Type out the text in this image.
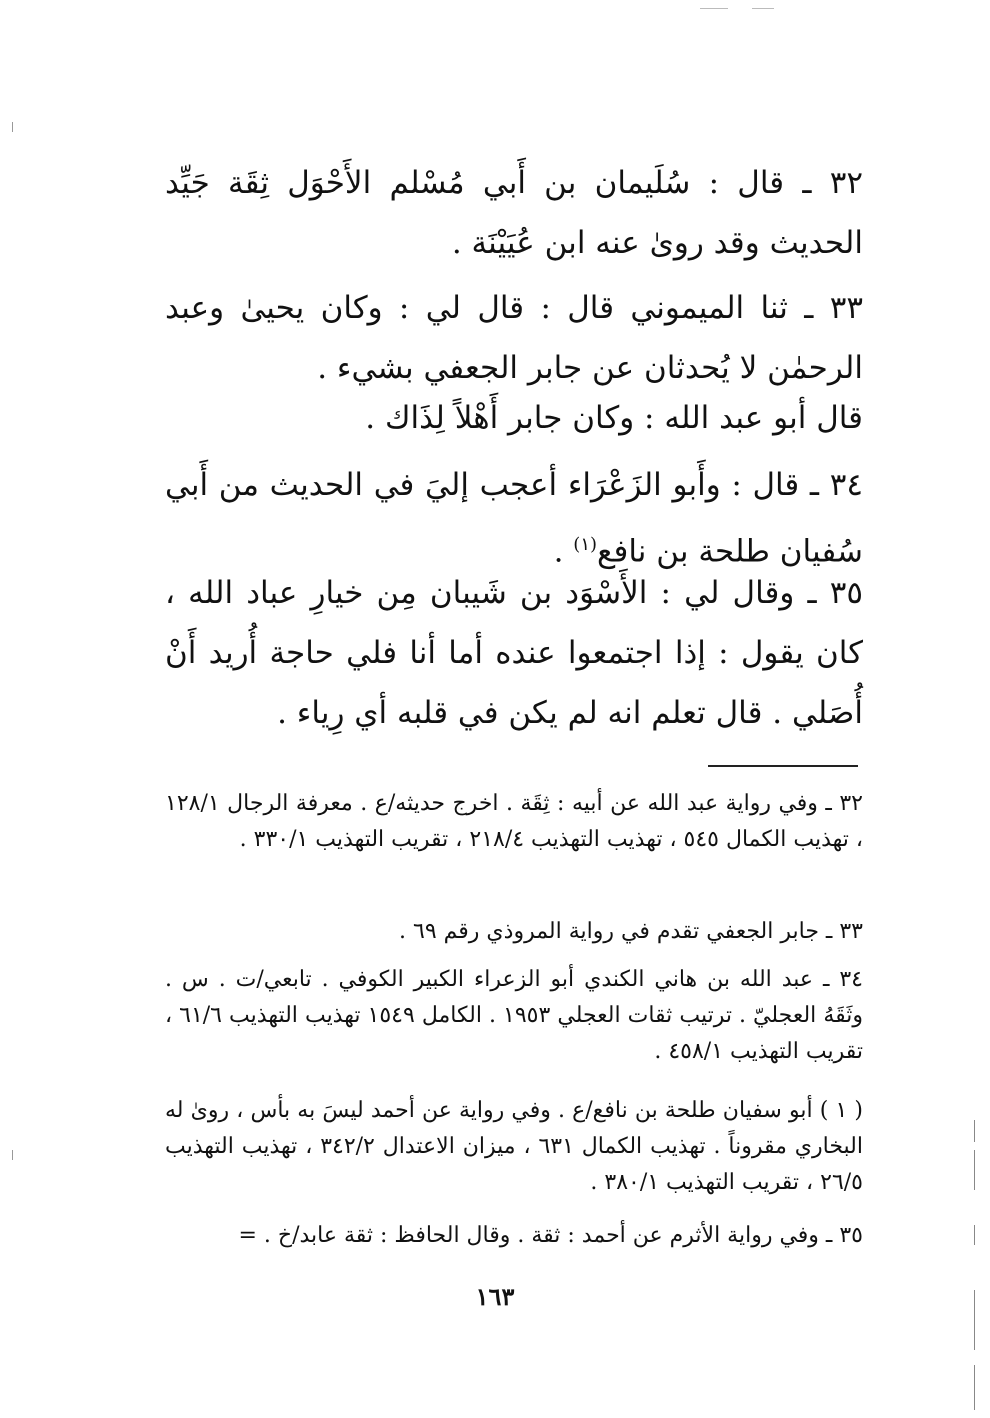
٣٢ ـ قال : سُلَيمان بن أَبي مُسْلم الأَحْوَل ثِقَة جَيِّد الحديث وقد روىٰ عنه ابن عُيَيْنَة .

٣٣ ـ ثنا الميموني قال : قال لي : وكان يحيىٰ وعبد الرحمٰن لا يُحدثان عن جابر الجعفي بشيء .

قال أبو عبد الله : وكان جابر أَهْلاً لِذَاك .

٣٤ ـ قال : وأَبو الزَعْرَاء أعجب إليَ في الحديث من أَبي سُفيان طلحة بن نافع$^{(١)}$ .

٣٥ ـ وقال لي : الأَسْوَد بن شَيبان مِن خيارِ عباد الله ، كان يقول : إذا اجتمعوا عنده أما أنا فلي حاجة أُريد أَنْ أُصَلي . قال تعلم انه لم يكن في قلبه أي رِياء .

٣٢ ـ وفي رواية عبد الله عن أبيه : ثِقَة . اخرج حديثه/ع . معرفة الرجال ١٢٨/١ ، تهذيب الكمال ٥٤٥ ، تهذيب التهذيب ٢١٨/٤ ، تقريب التهذيب ٣٣٠/١ .

٣٣ ـ جابر الجعفي تقدم في رواية المروذي رقم ٦٩ .

٣٤ ـ عبد الله بن هاني الكندي أبو الزعراء الكبير الكوفي . تابعي/ت . س . وثَقَهُ العجليّ . ترتيب ثقات العجلي ١٩٥٣ . الكامل ١٥٤٩ تهذيب التهذيب ٦١/٦ ، تقريب التهذيب ٤٥٨/١ .

( ١ ) أبو سفيان طلحة بن نافع/ع . وفي رواية عن أحمد ليسَ به بأس ، روىٰ له البخاري مقروناً . تهذيب الكمال ٦٣١ ، ميزان الاعتدال ٣٤٢/٢ ، تهذيب التهذيب ٢٦/٥ ، تقريب التهذيب ٣٨٠/١ .

٣٥ ـ وفي رواية الأثرم عن أحمد : ثقة . وقال الحافظ : ثقة عابد/خ . =

١٦٣
